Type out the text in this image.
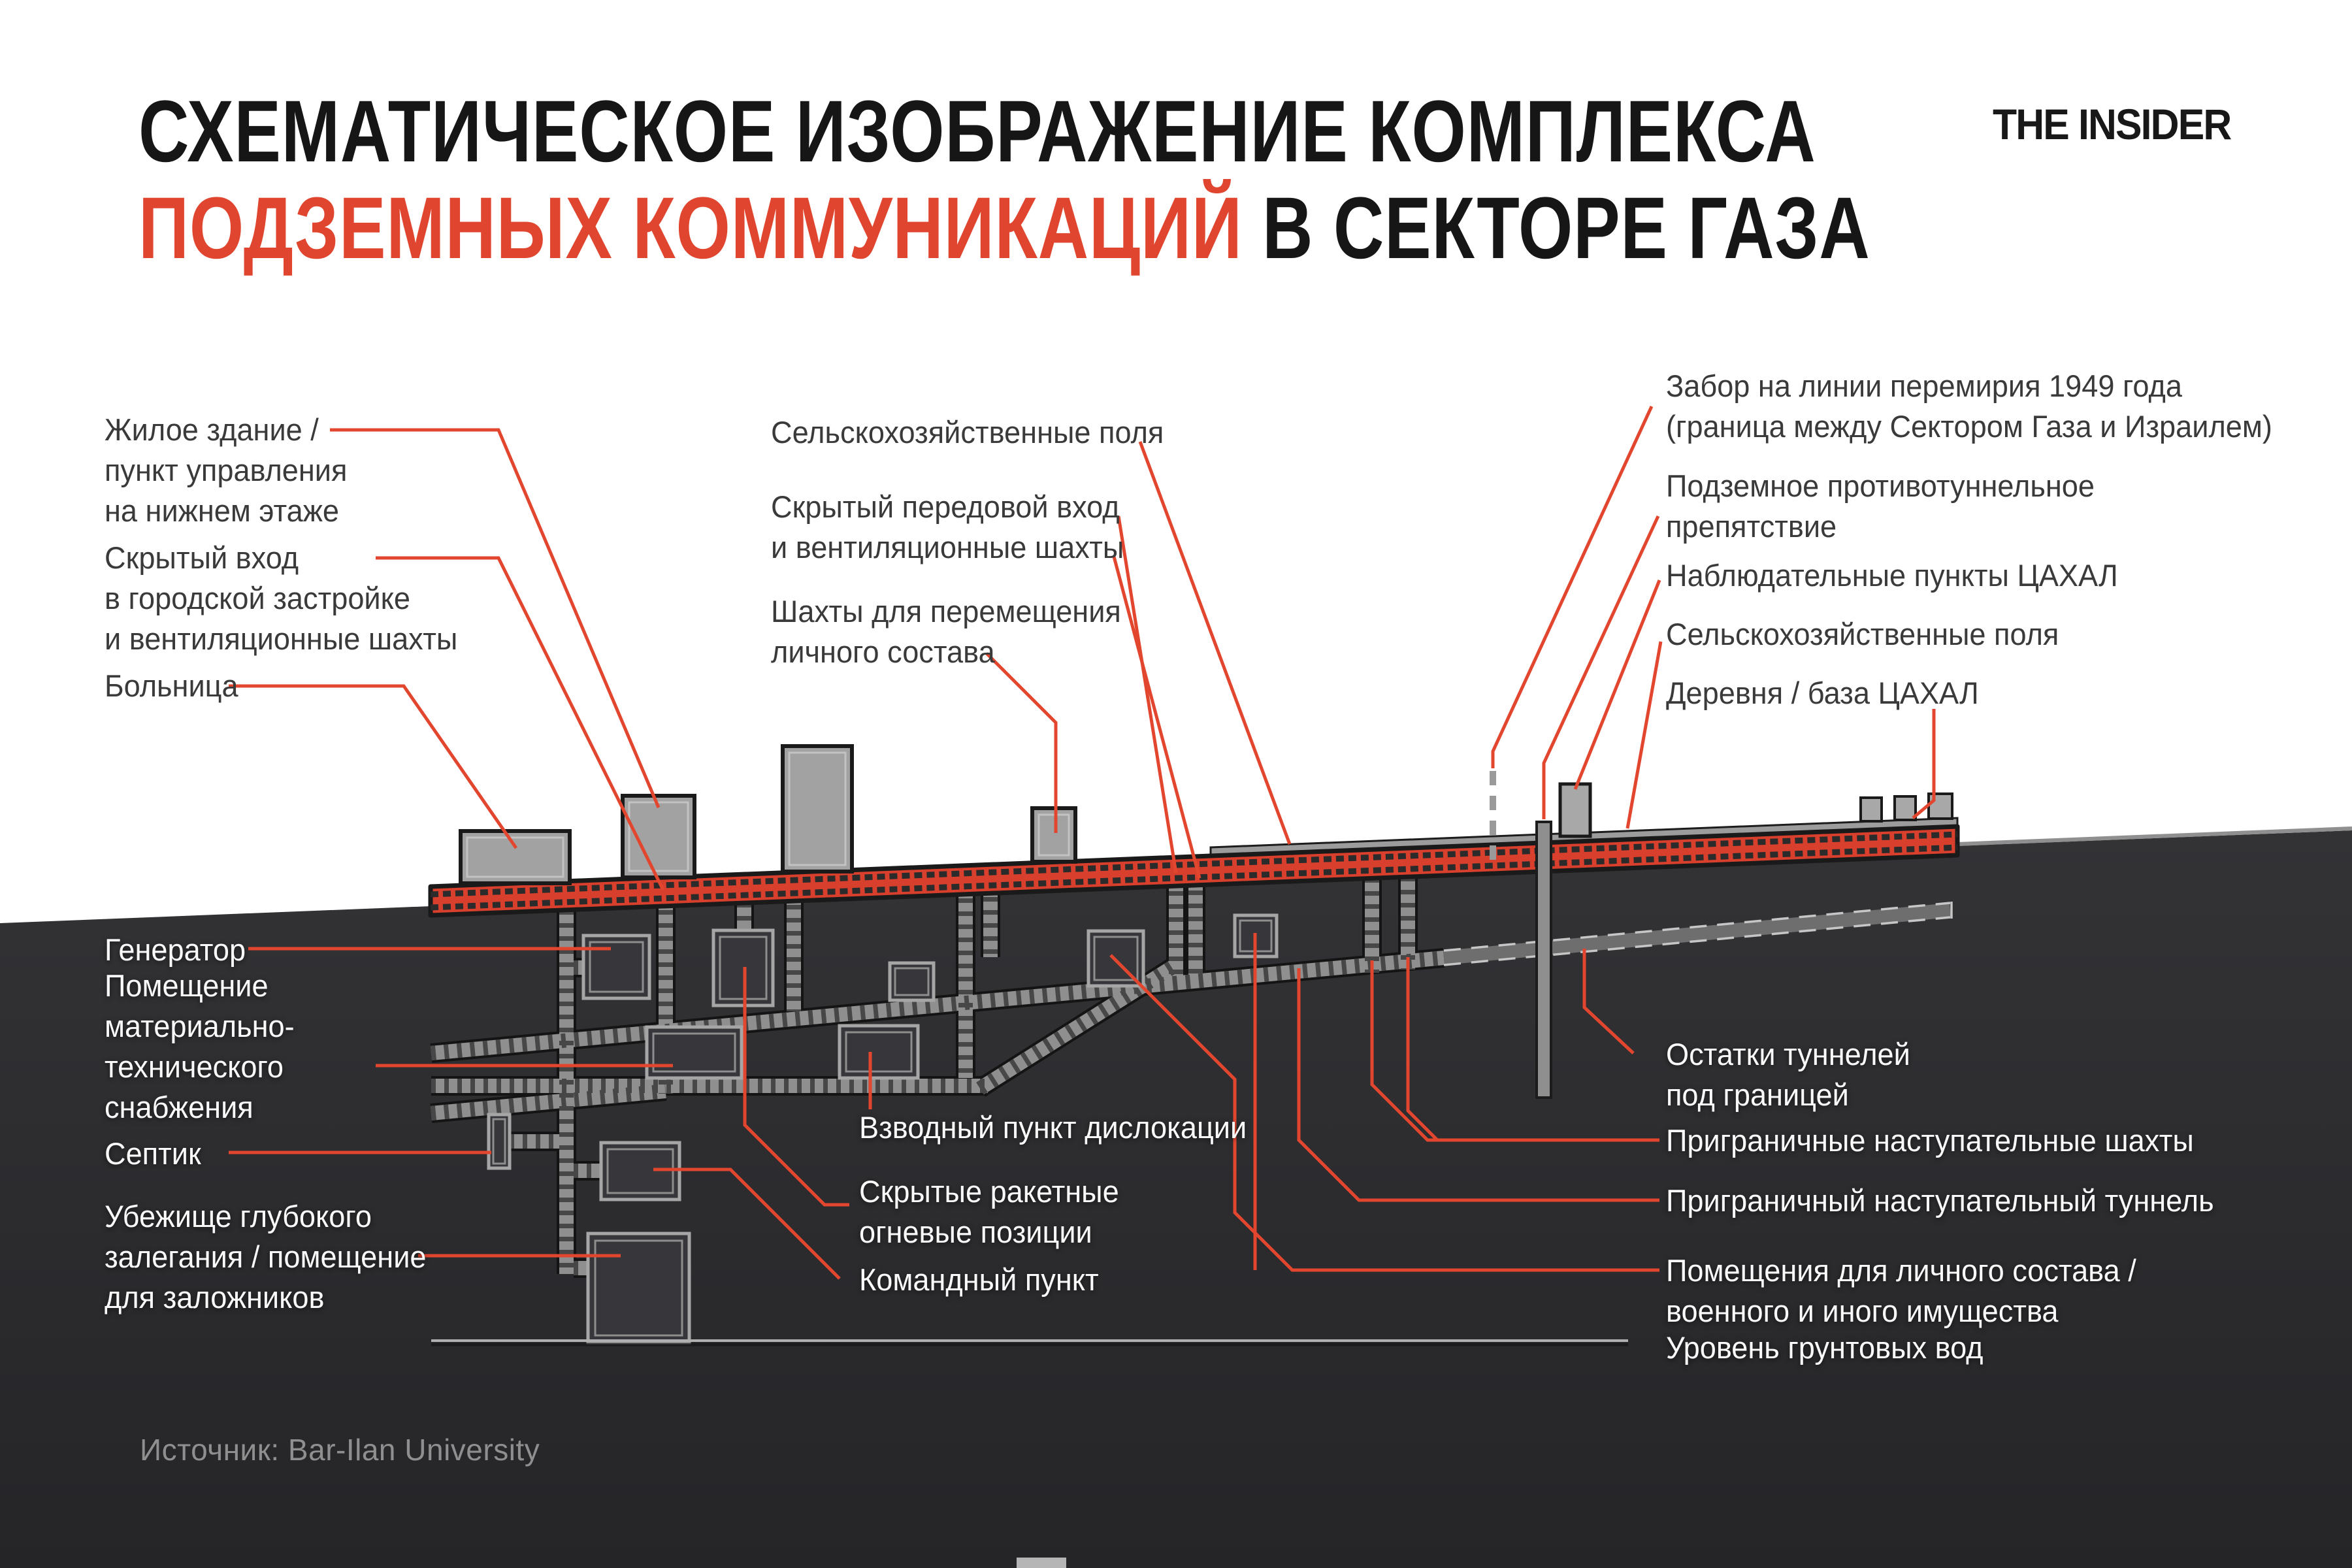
СХЕМАТИЧЕСКОЕ ИЗОБРАЖЕНИЕ КОМПЛЕКСА
ПОДЗЕМНЫХ КОММУНИКАЦИЙ В СЕКТОРЕ ГАЗА
THE INSIDER
Жилое здание /
пункт управления
на нижнем этаже
Скрытый вход
в городской застройке
и вентиляционные шахты
Больница
Сельскохозяйственные поля
Скрытый передовой вход
и вентиляционные шахты
Шахты для перемещения
личного состава
Забор на линии перемирия 1949 года
(граница между Сектором Газа и Израилем)
Подземное противотуннельное
препятствие
Наблюдательные пункты ЦАХАЛ
Сельскохозяйственные поля
Деревня / база ЦАХАЛ
Генератор
Помещение
материально-
технического
снабжения
Септик
Убежище глубокого
залегания / помещение
для заложников
Взводный пункт дислокации
Скрытые ракетные
огневые позиции
Командный пункт
Остатки туннелей
под границей
Приграничные наступательные шахты
Приграничный наступательный туннель
Помещения для личного состава /
военного и иного имущества
Уровень грунтовых вод
Источник: Bar-Ilan University
